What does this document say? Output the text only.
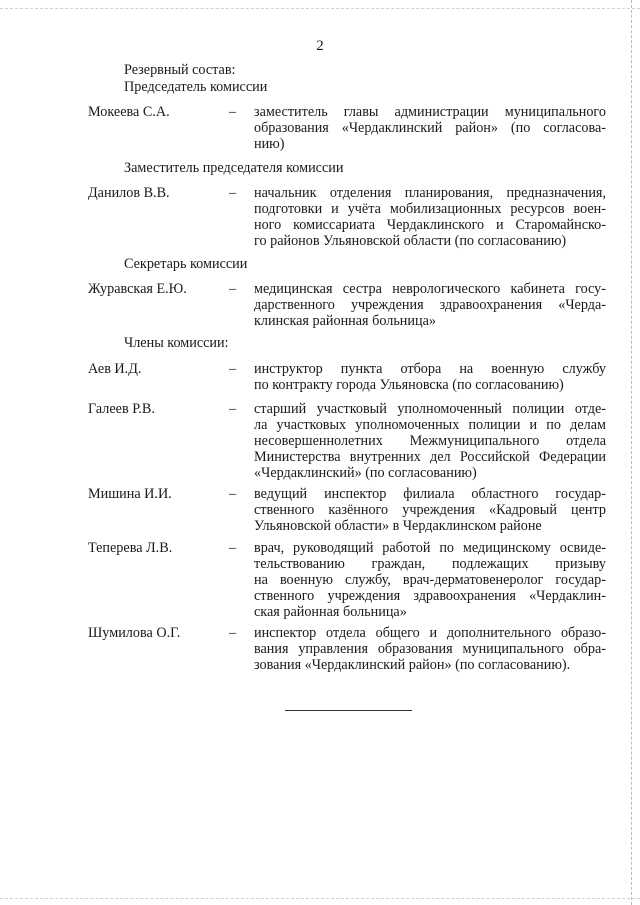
2
Резервный состав:
Председатель комиссии
Мокеева С.А.	– заместитель главы администрации муниципального
образования «Чердаклинский район» (по согласова-
нию)
Заместитель председателя комиссии
Данилов В.В.	– начальник отделения планирования, предназначения,
подготовки и учёта мобилизационных ресурсов воен-
ного комиссариата Чердаклинского и Старомайнско-
го районов Ульяновской области (по согласованию)
Секретарь комиссии
Журавская Е.Ю.	– медицинская сестра неврологического кабинета госу-
дарственного учреждения здравоохранения «Черда-
клинская районная больница»
Члены комиссии:
Аев И.Д.	– инструктор пункта отбора на военную службу
по контракту города Ульяновска (по согласованию)
Галеев Р.В.	– старший участковый уполномоченный полиции отде-
ла участковых уполномоченных полиции и по делам
несовершеннолетних Межмуниципального отдела
Министерства внутренних дел Российской Федерации
«Чердаклинский» (по согласованию)
Мишина И.И.	– ведущий инспектор филиала областного государ-
ственного казённого учреждения «Кадровый центр
Ульяновской области» в Чердаклинском районе
Теперева Л.В.	– врач, руководящий работой по медицинскому освиде-
тельствованию граждан, подлежащих призыву
на военную службу, врач-дерматовенеролог государ-
ственного учреждения здравоохранения «Чердаклин-
ская районная больница»
Шумилова О.Г.	– инспектор отдела общего и дополнительного образо-
вания управления образования муниципального обра-
зования «Чердаклинский район» (по согласованию).
